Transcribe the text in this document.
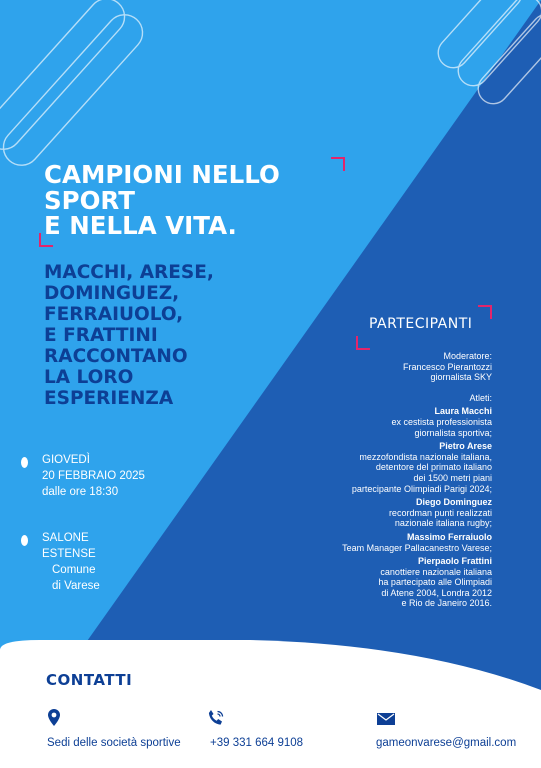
CAMPIONI NELLO
SPORT
E NELLA VITA.
MACCHI, ARESE,
DOMINGUEZ,
FERRAIUOLO,
E FRATTINI
RACCONTANO
LA LORO
ESPERIENZA
GIOVEDÌ
20 FEBBRAIO 2025
dalle ore 18:30
SALONE
ESTENSE
Comune
di Varese
PARTECIPANTI
Moderatore:
Francesco Pierantozzi
giornalista SKY
Atleti:
Laura Macchi
ex cestista professionista
giornalista sportiva;
Pietro Arese
mezzofondista nazionale italiana,
detentore del primato italiano
dei 1500 metri piani
partecipante Olimpiadi Parigi 2024;
Diego Dominguez
recordman punti realizzati
nazionale italiana rugby;
Massimo Ferraiuolo
Team Manager Pallacanestro Varese;
Pierpaolo Frattini
canottiere nazionale italiana
ha partecipato alle Olimpiadi
di Atene 2004, Londra 2012
e Rio de Janeiro 2016.
CONTATTI
Sedi delle società sportive	+39 331 664 9108	gameonvarese@gmail.com
